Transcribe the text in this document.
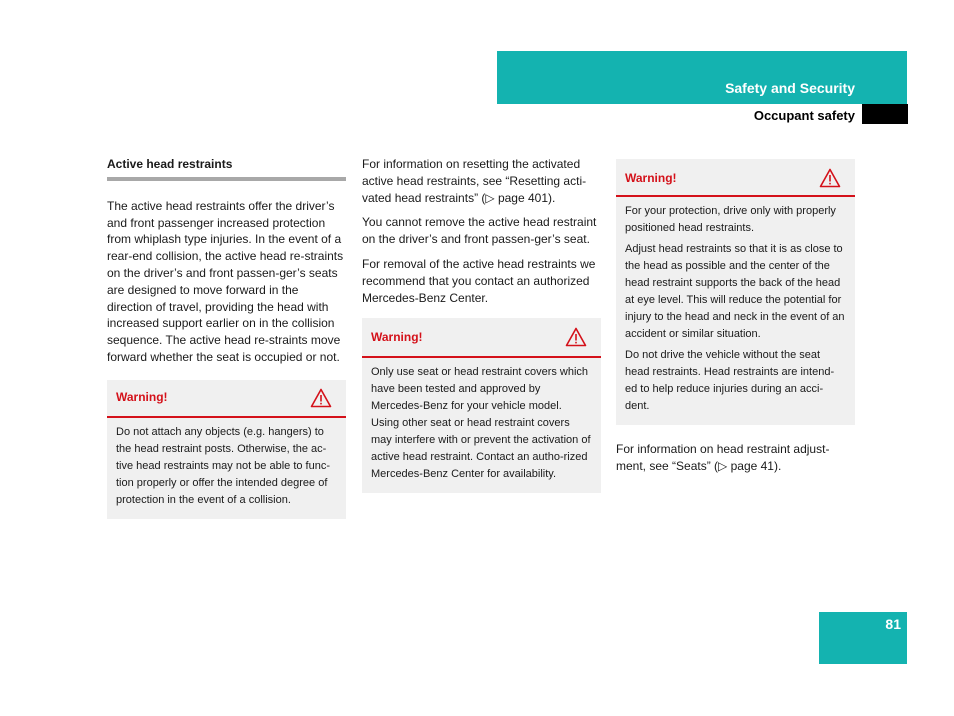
Safety and Security
Occupant safety
Active head restraints

The active head restraints offer the driver’s and front passenger increased protection from whiplash type injuries. In the event of a rear-end collision, the active head re-straints on the driver’s and front passen-ger’s seats are designed to move forward in the direction of travel, providing the head with increased support earlier on in the collision sequence. The active head re-straints move forward whether the seat is occupied or not.

Warning!

Do not attach any objects (e.g. hangers) to the head restraint posts. Otherwise, the ac-tive head restraints may not be able to func-tion properly or offer the intended degree of protection in the event of a collision.

For information on resetting the activated active head restraints, see “Resetting acti-vated head restraints” (▷ page 401).

You cannot remove the active head restraint on the driver’s and front passen-ger’s seat.

For removal of the active head restraints we recommend that you contact an authorized Mercedes-Benz Center.

Warning!

Only use seat or head restraint covers which have been tested and approved by Mercedes-Benz for your vehicle model. Using other seat or head restraint covers may interfere with or prevent the activation of active head restraint. Contact an autho-rized Mercedes-Benz Center for availability.

Warning!

For your protection, drive only with properly positioned head restraints.

Adjust head restraints so that it is as close to the head as possible and the center of the head restraint supports the back of the head at eye level. This will reduce the potential for injury to the head and neck in the event of an accident or similar situation.

Do not drive the vehicle without the seat head restraints. Head restraints are intend-ed to help reduce injuries during an acci-dent.

For information on head restraint adjust-ment, see “Seats” (▷ page 41).

81
